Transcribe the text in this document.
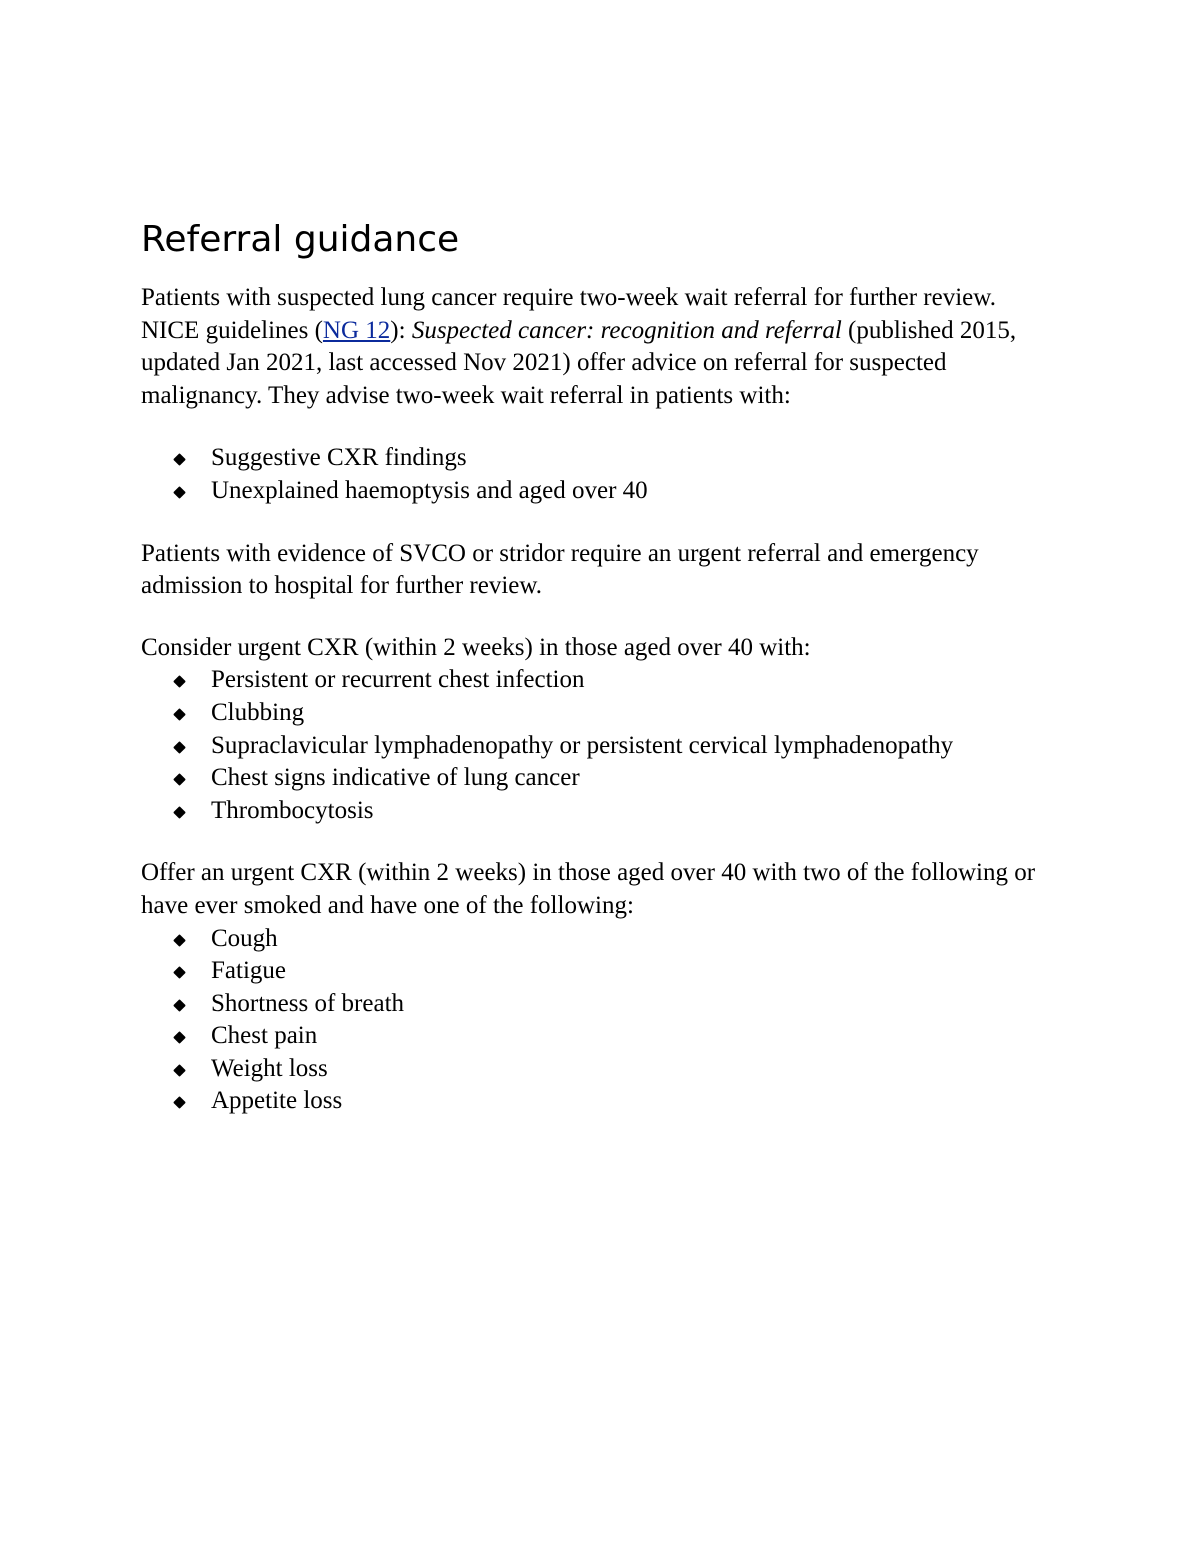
Referral guidance

Patients with suspected lung cancer require two-week wait referral for further review.

NICE guidelines (NG 12): Suspected cancer: recognition and referral (published 2015, updated Jan 2021, last accessed Nov 2021) offer advice on referral for suspected malignancy. They advise two-week wait referral in patients with:

Suggestive CXR findings
Unexplained haemoptysis and aged over 40

Patients with evidence of SVCO or stridor require an urgent referral and emergency admission to hospital for further review.

Consider urgent CXR (within 2 weeks) in those aged over 40 with:

Persistent or recurrent chest infection
Clubbing
Supraclavicular lymphadenopathy or persistent cervical lymphadenopathy
Chest signs indicative of lung cancer
Thrombocytosis

Offer an urgent CXR (within 2 weeks) in those aged over 40 with two of the following or have ever smoked and have one of the following:

Cough
Fatigue
Shortness of breath
Chest pain
Weight loss
Appetite loss
